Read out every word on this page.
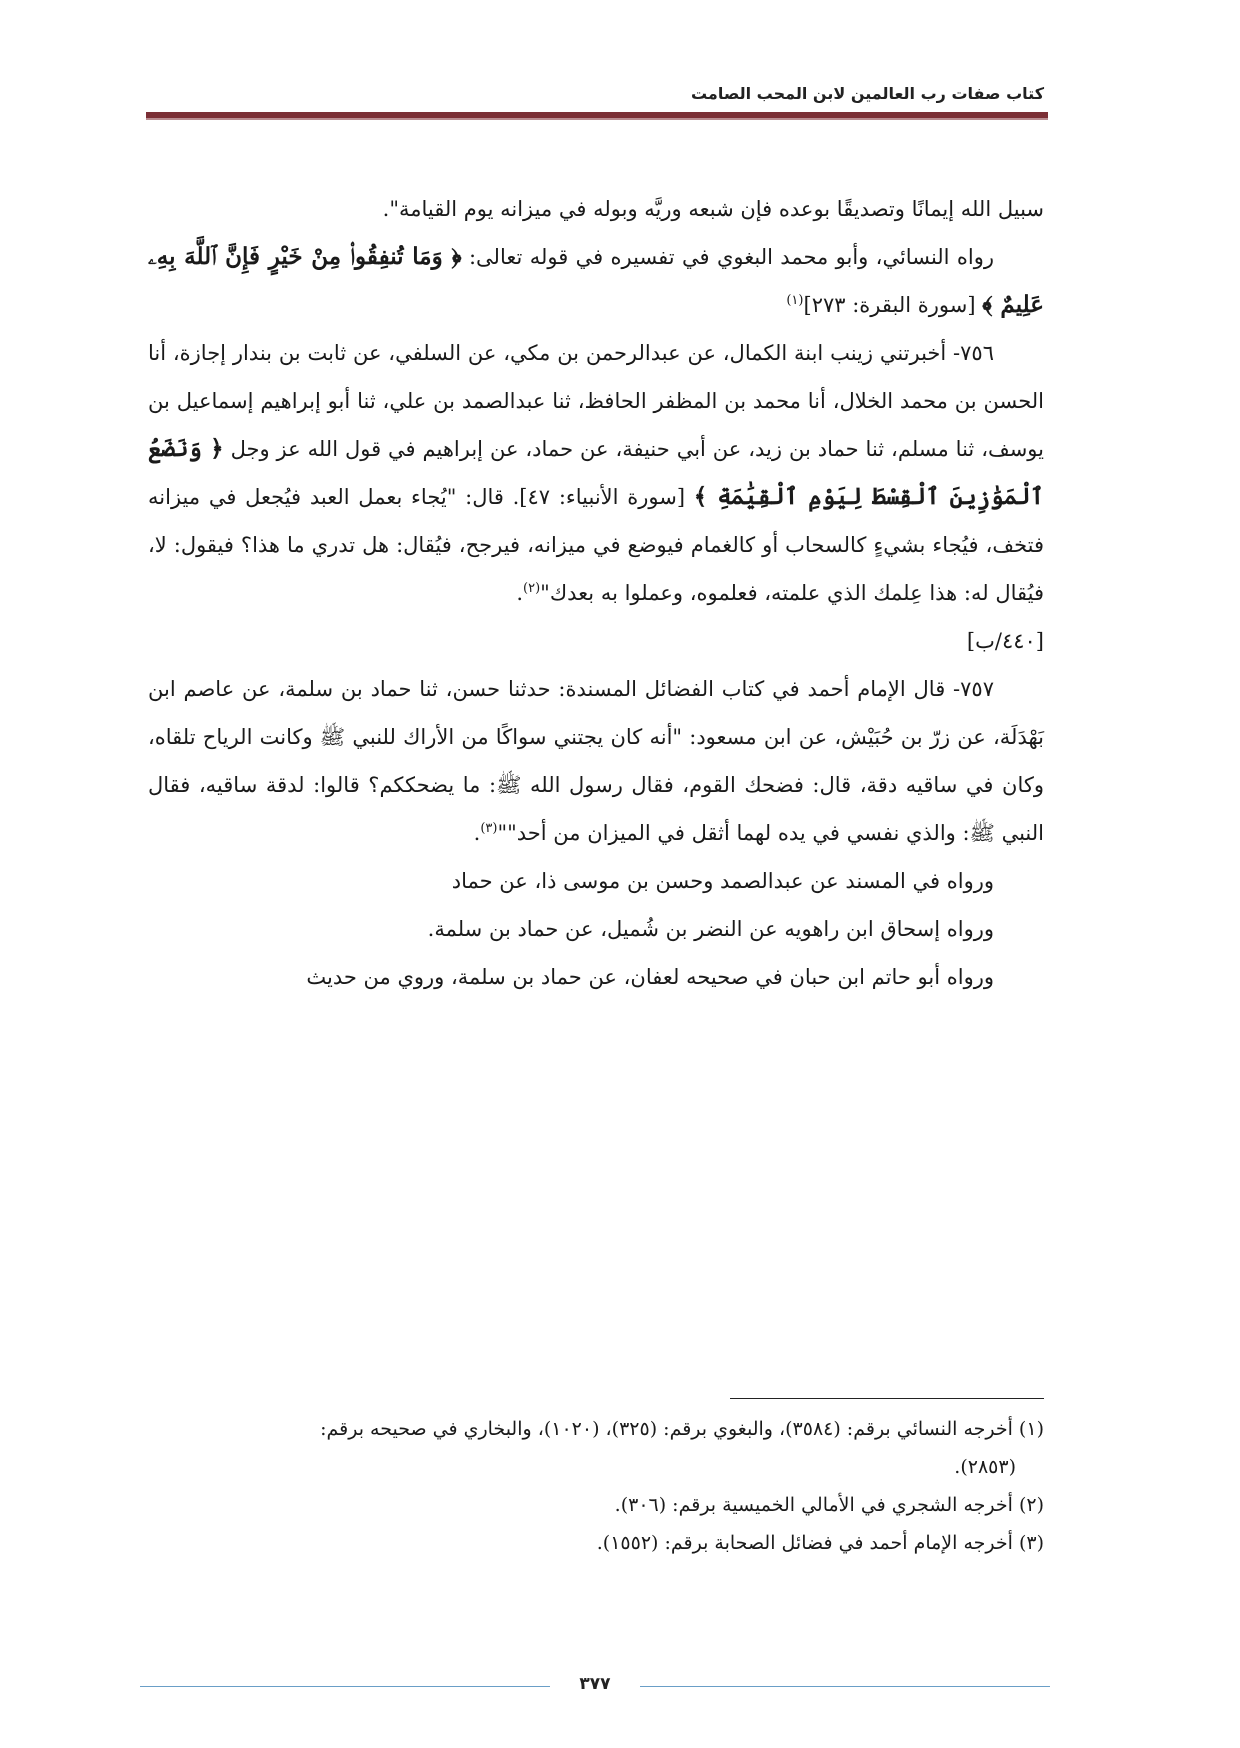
كتاب صفات رب العالمين لابن المحب الصامت

سبيل الله إيمانًا وتصديقًا بوعده فإن شبعه وريَّه وبوله في ميزانه يوم القيامة".

رواه النسائي، وأبو محمد البغوي في تفسيره في قوله تعالى: ﴿ وَمَا تُنفِقُوا۟ مِنْ خَيْرٍ فَإِنَّ ٱللَّهَ بِهِۦ عَلِيمٌ ﴾ [سورة البقرة: ٢٧٣]$^{(١)}$

٧٥٦- أخبرتني زينب ابنة الكمال، عن عبدالرحمن بن مكي، عن السلفي، عن ثابت بن بندار إجازة، أنا الحسن بن محمد الخلال، أنا محمد بن المظفر الحافظ، ثنا عبدالصمد بن علي، ثنا أبو إبراهيم إسماعيل بن يوسف، ثنا مسلم، ثنا حماد بن زيد، عن أبي حنيفة، عن حماد، عن إبراهيم في قول الله عز وجل ﴿ وَنَضَعُ ٱلْمَوَٰزِينَ ٱلْقِسْطَ لِيَوْمِ ٱلْقِيَٰمَةِ ﴾ [سورة الأنبياء: ٤٧]. قال: "يُجاء بعمل العبد فيُجعل في ميزانه فتخف، فيُجاء بشيءٍ كالسحاب أو كالغمام فيوضع في ميزانه، فيرجح، فيُقال: هل تدري ما هذا؟ فيقول: لا، فيُقال له: هذا عِلمك الذي علمته، فعلموه، وعملوا به بعدك"$^{(٢)}$.

[٤٤٠/ب]

٧٥٧- قال الإمام أحمد في كتاب الفضائل المسندة: حدثنا حسن، ثنا حماد بن سلمة، عن عاصم ابن بَهْدَلَة، عن زرّ بن حُبَيْش، عن ابن مسعود: "أنه كان يجتني سواكًا من الأراك للنبي ﷺ وكانت الرياح تلقاه، وكان في ساقيه دقة، قال: فضحك القوم، فقال رسول الله ﷺ: ما يضحككم؟ قالوا: لدقة ساقيه، فقال النبي ﷺ: والذي نفسي في يده لهما أثقل في الميزان من أحد""$^{(٣)}$.

ورواه في المسند عن عبدالصمد وحسن بن موسى ذا، عن حماد

ورواه إسحاق ابن راهويه عن النضر بن شُميل، عن حماد بن سلمة.

ورواه أبو حاتم ابن حبان في صحيحه لعفان، عن حماد بن سلمة، وروي من حديث

(١) أخرجه النسائي برقم: (٣٥٨٤)، والبغوي برقم: (٣٢٥)، (١٠٢٠)، والبخاري في صحيحه برقم:

(٢٨٥٣).

(٢) أخرجه الشجري في الأمالي الخميسية برقم: (٣٠٦).

(٣) أخرجه الإمام أحمد في فضائل الصحابة برقم: (١٥٥٢).

٣٧٧
